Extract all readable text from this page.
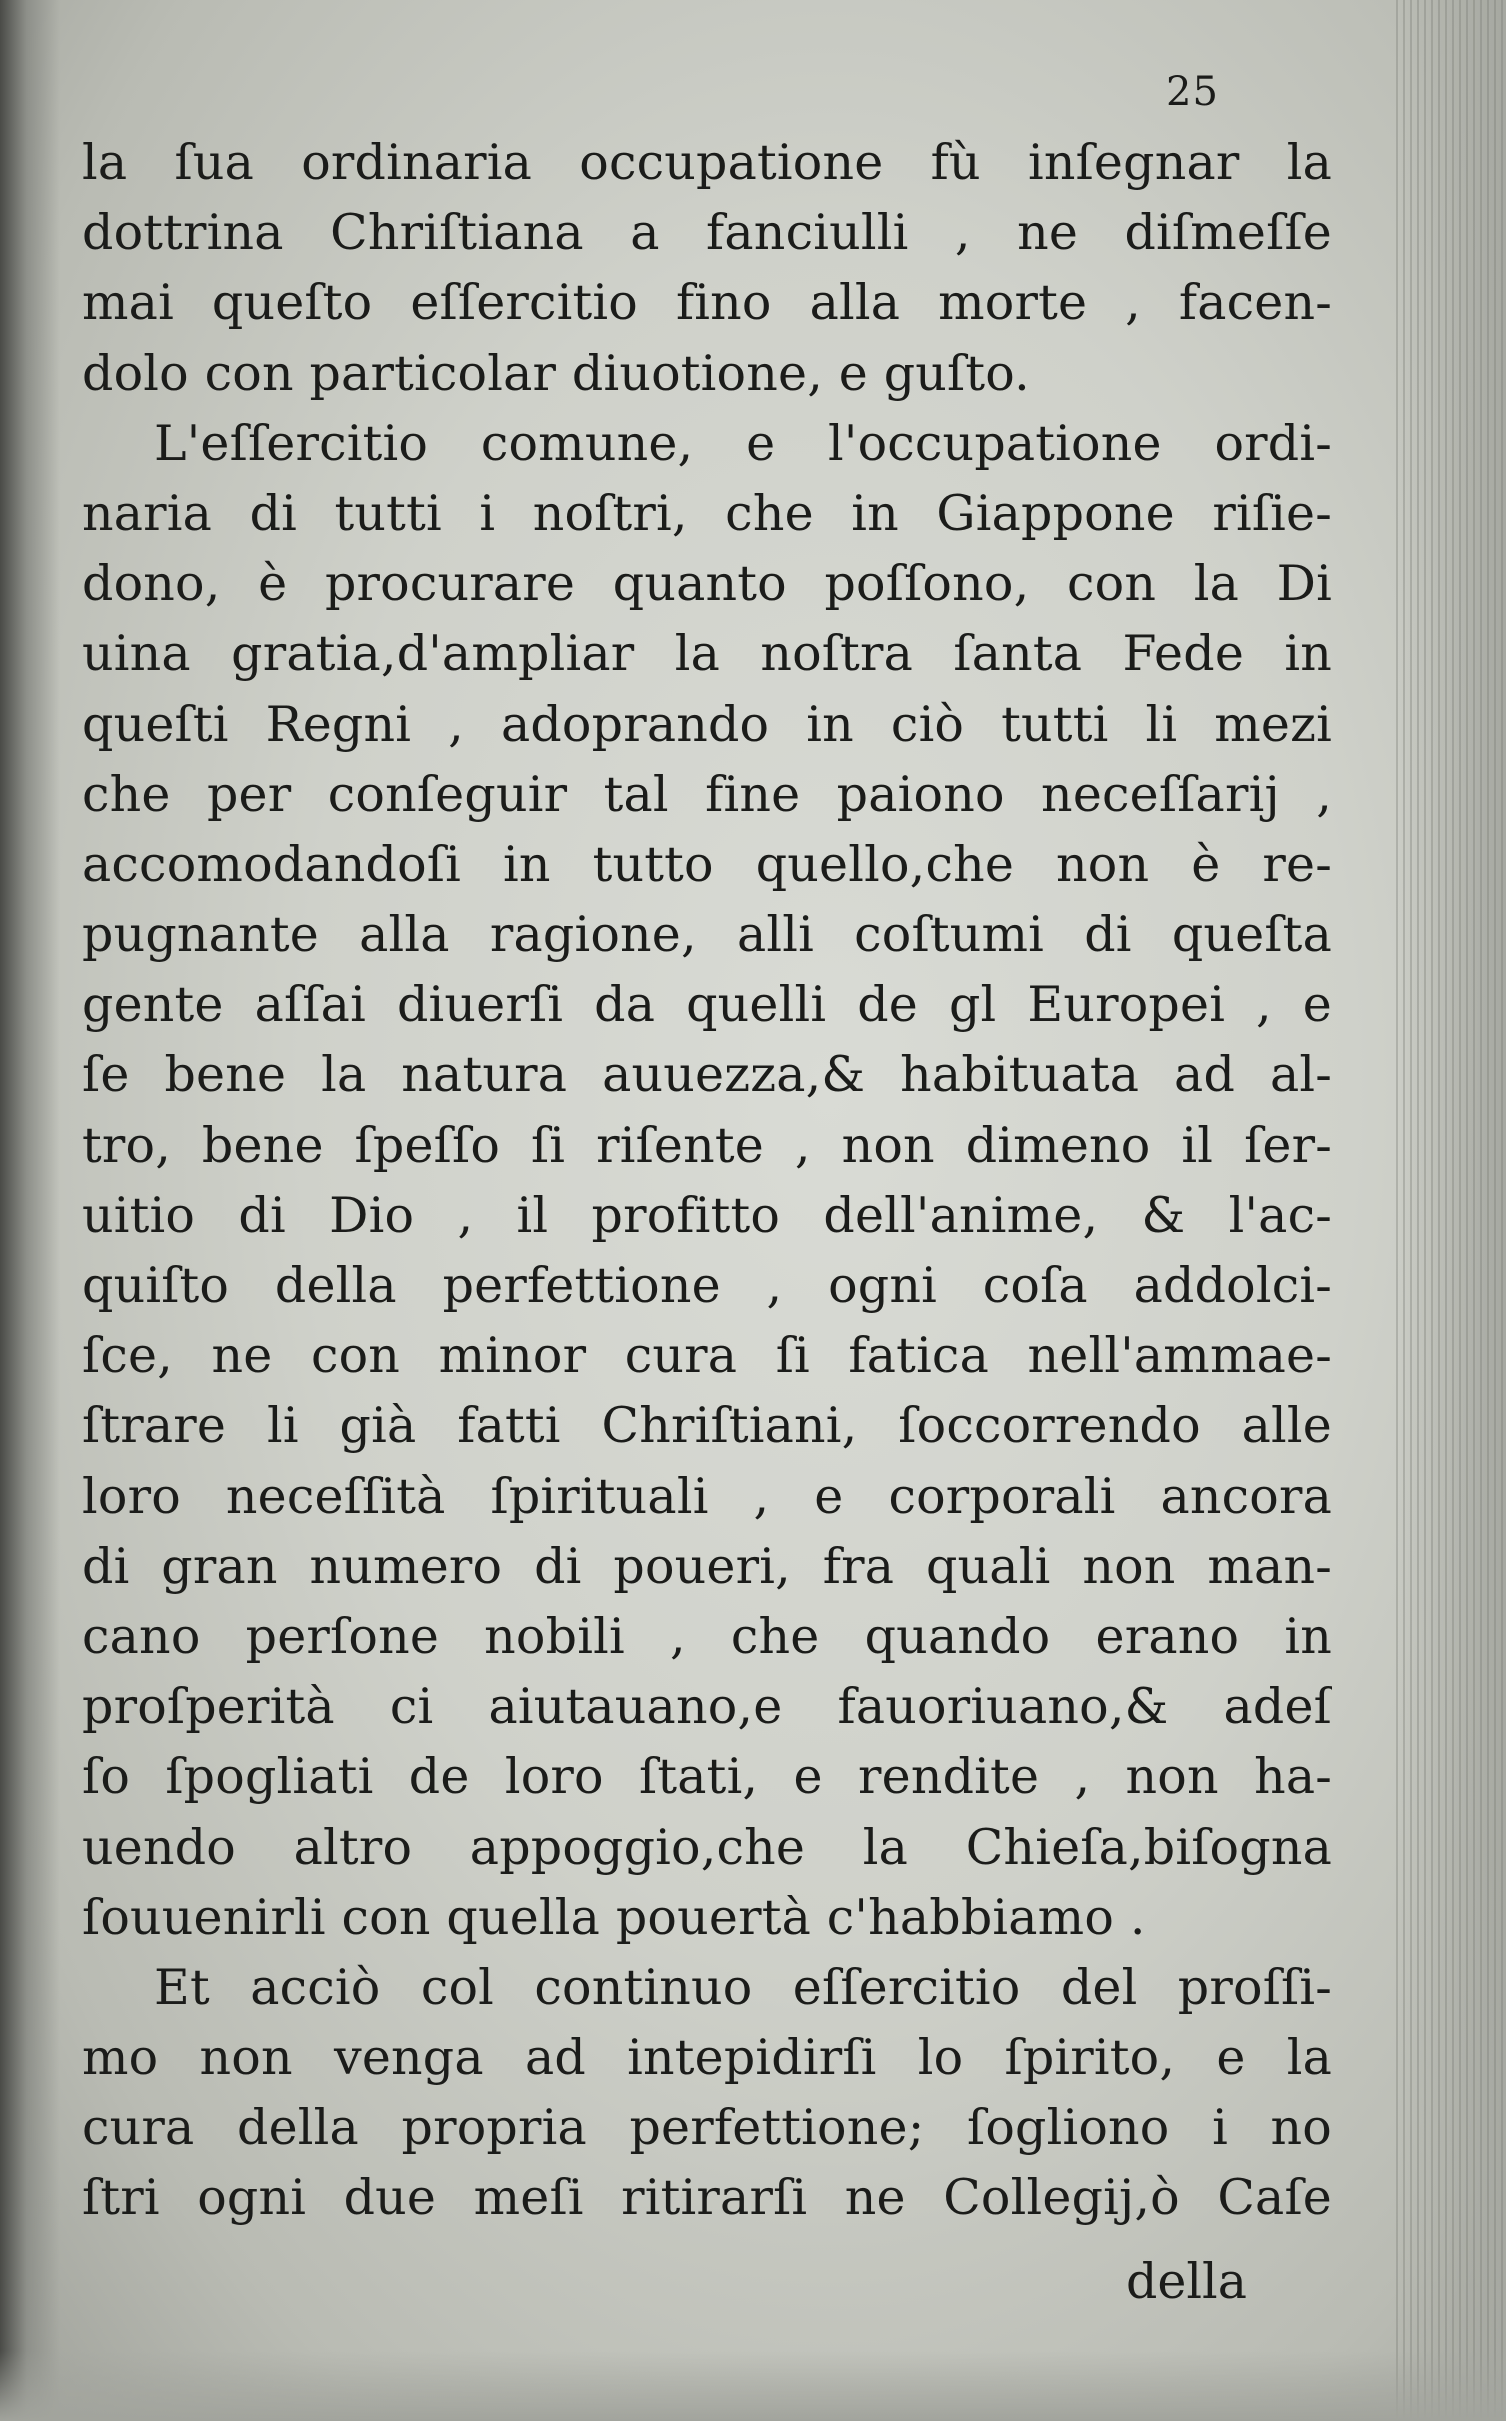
25
la ſua ordinaria occupatione fù inſegnar la
dottrina Chriſtiana a fanciulli , ne diſmeſſe
mai queſto eſſercitio fino alla morte , facen-
dolo con particolar diuotione, e guſto.
L'eſſercitio comune, e l'occupatione ordi-
naria di tutti i noſtri, che in Giappone riſie-
dono, è procurare quanto poſſono, con la Di
uina gratia,d'ampliar la noſtra ſanta Fede in
queſti Regni , adoprando in ciò tutti li mezi
che per conſeguir tal fine paiono neceſſarij ,
accomodandoſi in tutto quello,che non è re-
pugnante alla ragione, alli coſtumi di queſta
gente aſſai diuerſi da quelli de gl Europei , e
ſe bene la natura auuezza,& habituata ad al-
tro, bene ſpeſſo ſi riſente , non dimeno il ſer-
uitio di Dio , il profitto dell'anime, & l'ac-
quiſto della perfettione , ogni coſa addolci-
ſce, ne con minor cura ſi fatica nell'ammae-
ſtrare li già fatti Chriſtiani, ſoccorrendo alle
loro neceſſità ſpirituali , e corporali ancora
di gran numero di poueri, fra quali non man-
cano perſone nobili , che quando erano in
proſperità ci aiutauano,e fauoriuano,& adeſ
ſo ſpogliati de loro ſtati, e rendite , non ha-
uendo altro appoggio,che la Chieſa,biſogna
ſouuenirli con quella pouertà c'habbiamo .
Et acciò col continuo eſſercitio del proſſi-
mo non venga ad intepidirſi lo ſpirito, e la
cura della propria perfettione; ſogliono i no
ſtri ogni due meſi ritirarſi ne Collegij,ò Caſe
della
